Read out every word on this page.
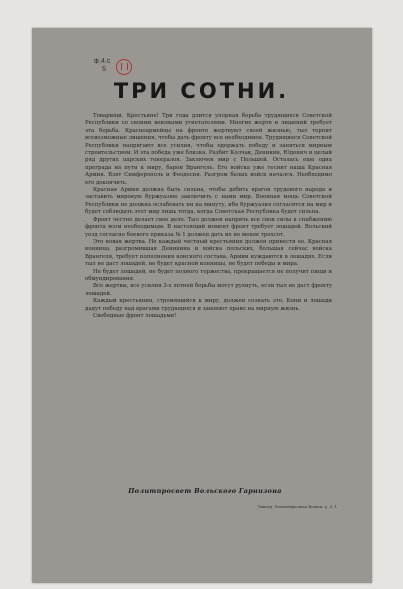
Ф.4.с
5
ТРИ СОТНИ.

Товарищи, Крестьяне! Три года длится упорная борьба трудящихся Советской Республики со своими вековыми угнетателями. Многих жертв и лишений требует эта борьба. Красноармейцы на фронте жертвуют своей жизнью, тыл терпит всевозможные лишения, чтобы дать фронту все необходимое. Трудящиеся Советской Республики напрягают все усилия, чтобы одержать победу и заняться мирным строительством. И эта победа уже близка. Разбит Колчак, Деникин, Юденич и целый ряд других царских генералов. Заключен мир с Польшей. Осталась еще одна преграда на пути к миру, барон Врангель. Его войска уже теснит наша Красная Армия. Взят Симферополь и Феодосия. Разгром белых войск начался. Необходимо его докончить.

Красная Армия должна быть сильна, чтобы добить врагов трудового народа и заставить мировую буржуазию заключить с нами мир. Военная мощь Советской Республики не должна ослабевать ни на минуту, ибо буржуазия согласится на мир и будет соблюдать этот мир лишь тогда, когда Советская Республика будет сильна.

Фронт честно делает свое дело. Тыл должен напрячь все свои силы к снабжению фронта всем необходимым. В настоящий момент фронт требует лошадей. Вольский уезд согласно боевого приказа № 1 должен дать их не менее трехсот.

Это новая жертва. Но каждый честный крестьянин должен принести ее. Красная конница, разгромившая Деникина и войска польских, большая сейчас войска Врангеля, требует пополнения конского состава. Армии нуждаются в лошадях. Если тыл не даст лошадей, не будет красной конницы, не будет победы и мира.

Не будет лошадей, не будет полного торжества, прекращается не получит пищи и обмундирования.

Все жертвы, все усилия 3-х летней борьбы могут рухнуть, если тыл не даст фронту лошадей.

Каждый крестьянин, стремящийся к миру, должен сознать это. Кони и лошади дадут победу над врагами трудящихся и завоюют право на мирную жизнь.

Свободные фронт лошадьми!

Политпросвет Вольского Гарнизона
Типогр. Уполитпросвета Вольск. у. 3. 1.
